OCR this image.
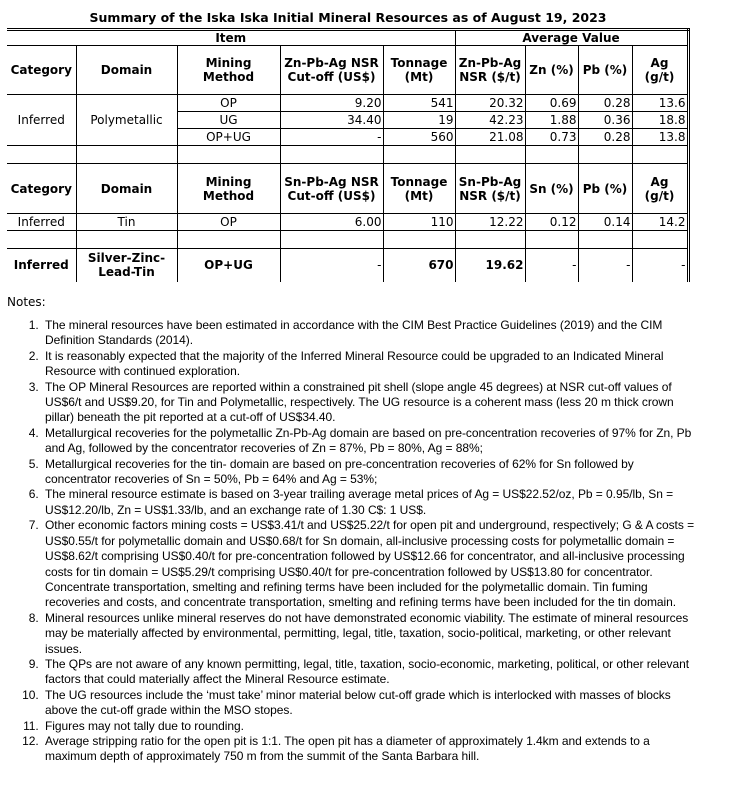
Summary of the Iska Iska Initial Mineral Resources as of August 19, 2023
Item					Average Value			
Category	Domain	Mining Method	Zn-Pb-Ag NSR Cut-off (US$)	Tonnage (Mt)	Zn-Pb-Ag NSR ($/t)	Zn (%)	Pb (%)	Ag (g/t)
Inferred	Polymetallic	OP	9.20	541	20.32	0.69	0.28	13.6
		UG	34.40	19	42.23	1.88	0.36	18.8
		OP+UG	-	560	21.08	0.73	0.28	13.8

Category	Domain	Mining Method	Sn-Pb-Ag NSR Cut-off (US$)	Tonnage (Mt)	Sn-Pb-Ag NSR ($/t)	Sn (%)	Pb (%)	Ag (g/t)
Inferred	Tin	OP	6.00	110	12.22	0.12	0.14	14.2

Inferred	Silver-Zinc-Lead-Tin	OP+UG	-	670	19.62	-	-	-
Notes:
1. The mineral resources have been estimated in accordance with the CIM Best Practice Guidelines (2019) and the CIM Definition Standards (2014).
2. It is reasonably expected that the majority of the Inferred Mineral Resource could be upgraded to an Indicated Mineral Resource with continued exploration.
3. The OP Mineral Resources are reported within a constrained pit shell (slope angle 45 degrees) at NSR cut-off values of US$6/t and US$9.20, for Tin and Polymetallic, respectively. The UG resource is a coherent mass (less 20 m thick crown pillar) beneath the pit reported at a cut-off of US$34.40.
4. Metallurgical recoveries for the polymetallic Zn-Pb-Ag domain are based on pre-concentration recoveries of 97% for Zn, Pb and Ag, followed by the concentrator recoveries of Zn = 87%, Pb = 80%, Ag = 88%;
5. Metallurgical recoveries for the tin- domain are based on pre-concentration recoveries of 62% for Sn followed by concentrator recoveries of Sn = 50%, Pb = 64% and Ag = 53%;
6. The mineral resource estimate is based on 3-year trailing average metal prices of Ag = US$22.52/oz, Pb = 0.95/lb, Sn = US$12.20/lb, Zn = US$1.33/lb, and an exchange rate of 1.30 C$: 1 US$.
7. Other economic factors mining costs = US$3.41/t and US$25.22/t for open pit and underground, respectively; G & A costs = US$0.55/t for polymetallic domain and US$0.68/t for Sn domain, all-inclusive processing costs for polymetallic domain = US$8.62/t comprising US$0.40/t for pre-concentration followed by US$12.66 for concentrator, and all-inclusive processing costs for tin domain = US$5.29/t comprising US$0.40/t for pre-concentration followed by US$13.80 for concentrator. Concentrate transportation, smelting and refining terms have been included for the polymetallic domain. Tin fuming recoveries and costs, and concentrate transportation, smelting and refining terms have been included for the tin domain.
8. Mineral resources unlike mineral reserves do not have demonstrated economic viability. The estimate of mineral resources may be materially affected by environmental, permitting, legal, title, taxation, socio-political, marketing, or other relevant issues.
9. The QPs are not aware of any known permitting, legal, title, taxation, socio-economic, marketing, political, or other relevant factors that could materially affect the Mineral Resource estimate.
10. The UG resources include the ‘must take’ minor material below cut-off grade which is interlocked with masses of blocks above the cut-off grade within the MSO stopes.
11. Figures may not tally due to rounding.
12. Average stripping ratio for the open pit is 1:1. The open pit has a diameter of approximately 1.4km and extends to a maximum depth of approximately 750 m from the summit of the Santa Barbara hill.
